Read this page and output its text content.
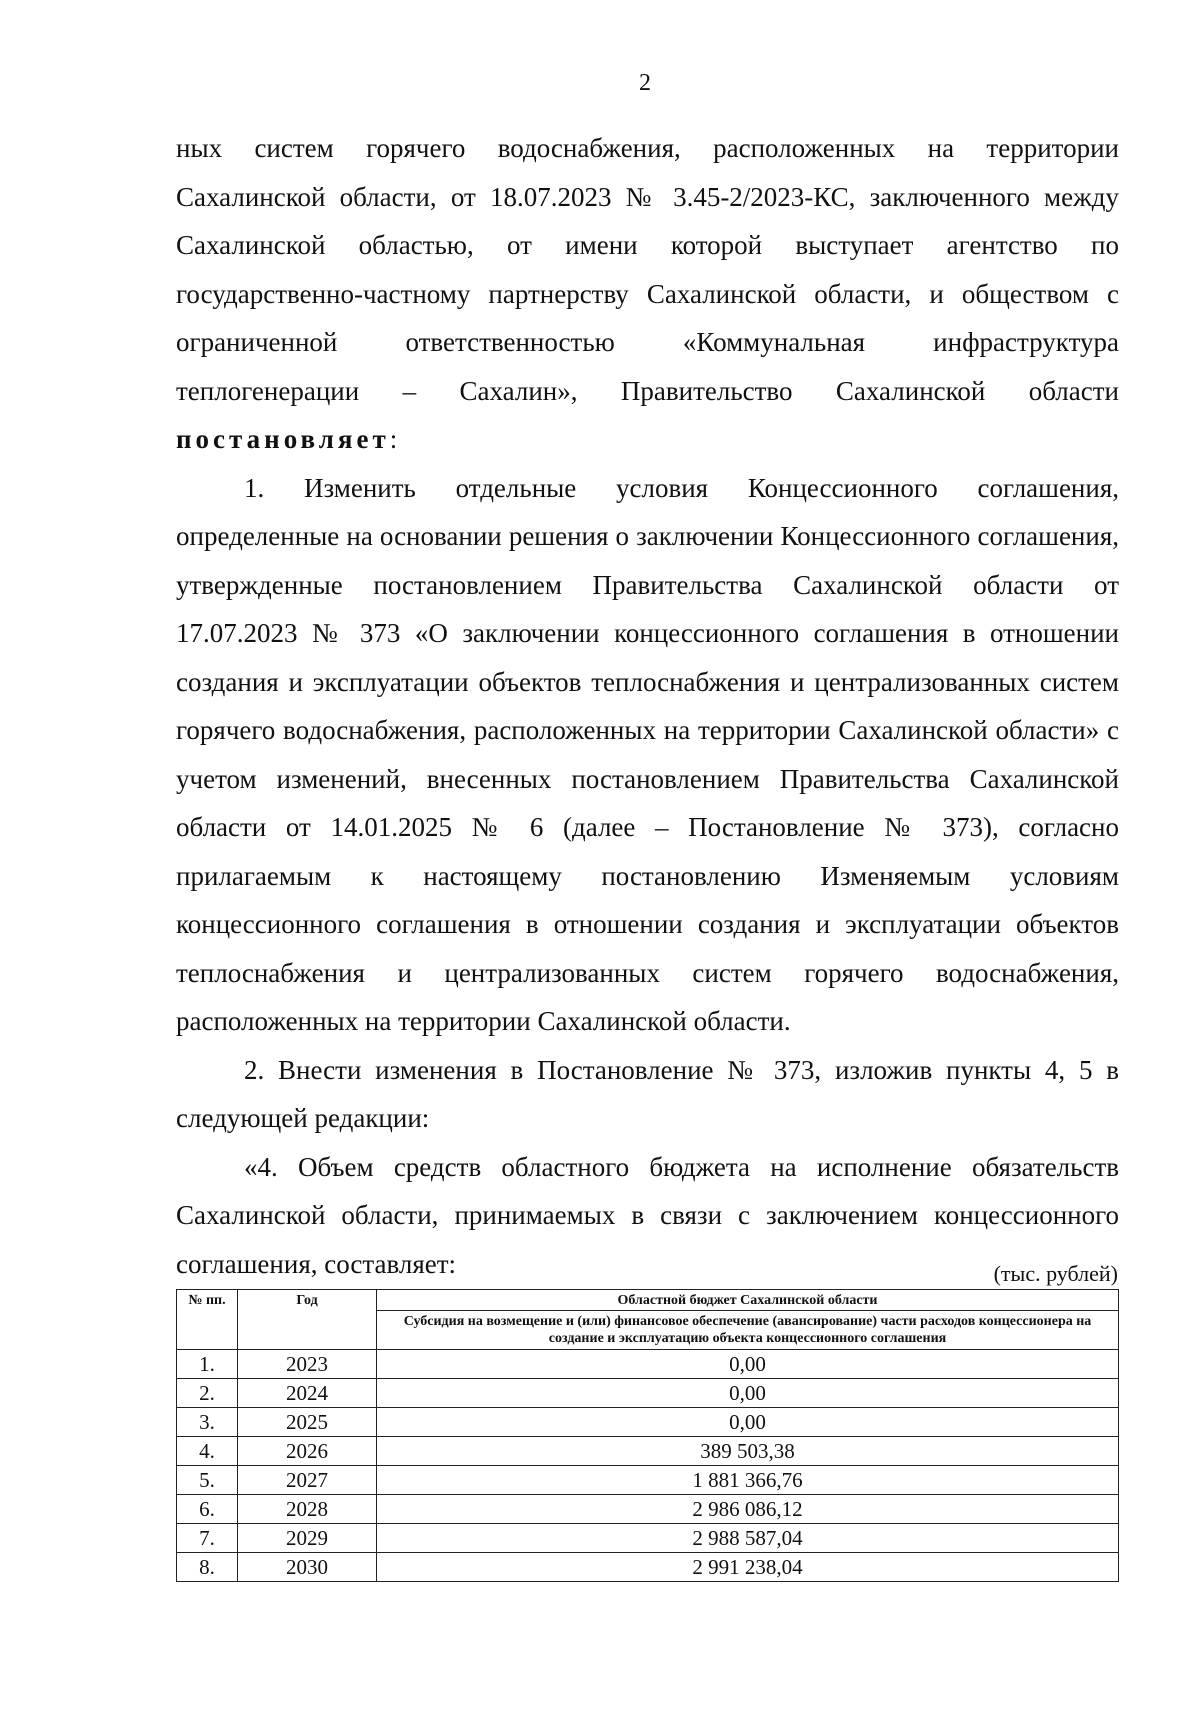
2

ных систем горячего водоснабжения, расположенных на территории Сахалинской области, от 18.07.2023 № 3.45-2/2023-КС, заключенного между Сахалинской областью, от имени которой выступает агентство по государственно-частному партнерству Сахалинской области, и обществом с ограниченной ответственностью «Коммунальная инфраструктура теплогенерации – Сахалин», Правительство Сахалинской области постановляет:

1. Изменить отдельные условия Концессионного соглашения, определенные на основании решения о заключении Концессионного соглашения, утвержденные постановлением Правительства Сахалинской области от 17.07.2023 № 373 «О заключении концессионного соглашения в отношении создания и эксплуатации объектов теплоснабжения и централизованных систем горячего водоснабжения, расположенных на территории Сахалинской области» с учетом изменений, внесенных постановлением Правительства Сахалинской области от 14.01.2025 № 6 (далее – Постановление № 373), согласно прилагаемым к настоящему постановлению Изменяемым условиям концессионного соглашения в отношении создания и эксплуатации объектов теплоснабжения и централизованных систем горячего водоснабжения, расположенных на территории Сахалинской области.

2. Внести изменения в Постановление № 373, изложив пункты 4, 5 в следующей редакции:

«4. Объем средств областного бюджета на исполнение обязательств Сахалинской области, принимаемых в связи с заключением концессионного соглашения, составляет:	(тыс. рублей)
№ пп.	Год	Областной бюджет Сахалинской области
		Субсидия на возмещение и (или) финансовое обеспечение (авансирование) части расходов концессионера на создание и эксплуатацию объекта концессионного соглашения
1.	2023	0,00
2.	2024	0,00
3.	2025	0,00
4.	2026	389 503,38
5.	2027	1 881 366,76
6.	2028	2 986 086,12
7.	2029	2 988 587,04
8.	2030	2 991 238,04
